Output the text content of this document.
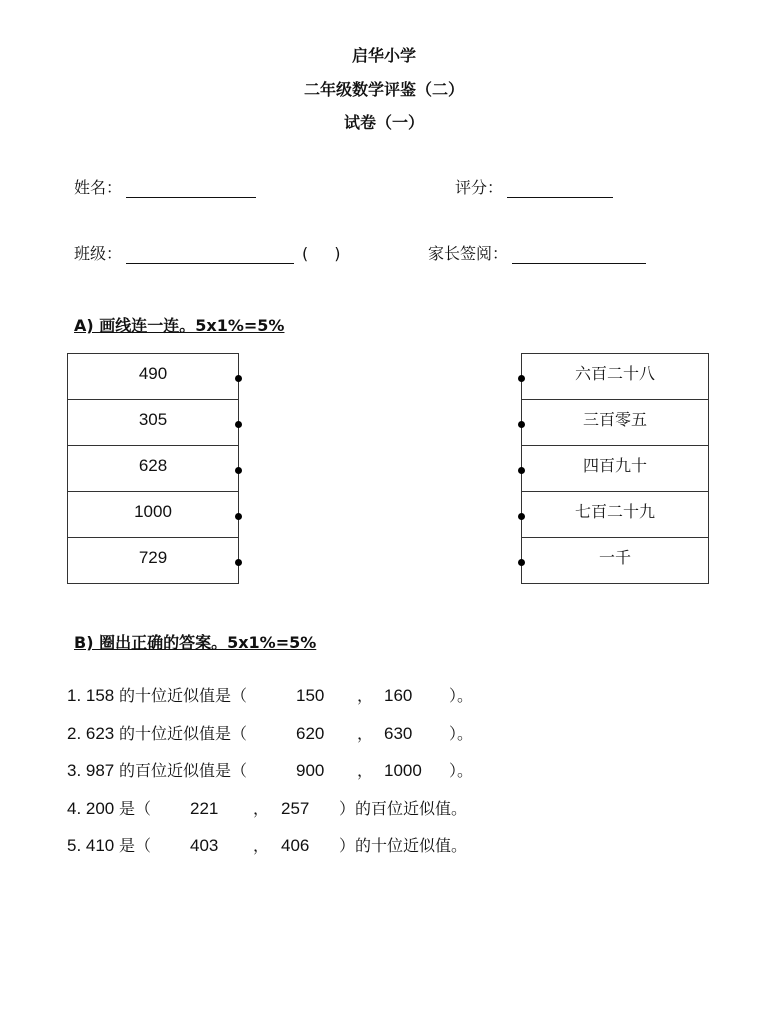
启华小学
二年级数学评鉴（二）
试卷（一）
姓名：	评分：
班级：	( )	家长签阅：
A) 画线连一连。5x1%=5%
490
305
628
1000
729
六百二十八
三百零五
四百九十
七百二十九
一千
B) 圈出正确的答案。5x1%=5%
1. 158 的十位近似值是（	150 ， 160 ）。
2. 623 的十位近似值是（	620 ， 630 ）。
3. 987 的百位近似值是（	900 ， 1000 ）。
4. 200 是（ 221 ， 257 ）的百位近似值。
5. 410 是（ 403 ， 406 ）的十位近似值。
